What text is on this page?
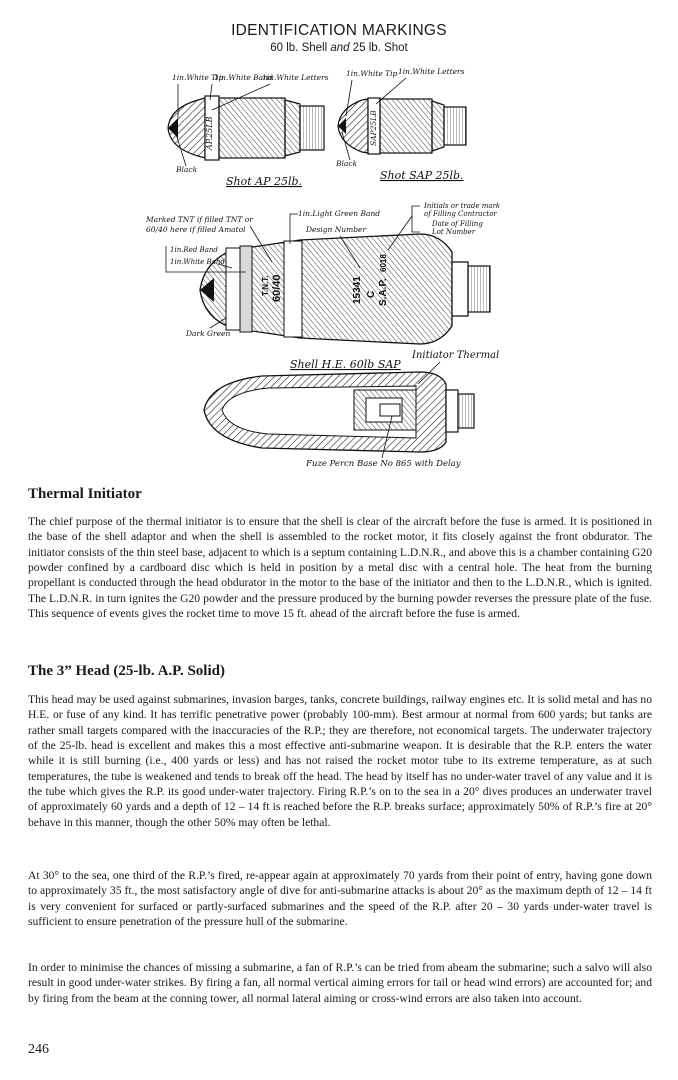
IDENTIFICATION MARKINGS
60 lb. Shell and 25 lb. Shot
AP.25LB
1in.White Tip
1in.White Band
1in.White Letters
Black
Shot AP 25lb.
SAP25LB
1in.White Tip 1in.White Letters
Black
Shot SAP 25lb.
T.N.T. 60/40	15341 C S.A.P.
6018
Marked TNT if filled TNT or
60/40 here if filled Amatol
1in.Light Green Band
Design Number
Initials or trade mark
of Filling Contractor
Date of Filling
Lot Number
1in.Red Band
1in.White Band
Dark Green
Shell H.E. 60lb SAP
Initiator Thermal
Fuze Percn Base No 865 with Delay
Thermal Initiator

The chief purpose of the thermal initiator is to ensure that the shell is clear of the aircraft before the fuse is armed. It is positioned in the base of the shell adaptor and when the shell is assembled to the rocket motor, it fits closely against the front obdurator. The initiator consists of the thin steel base, adjacent to which is a septum containing L.D.N.R., and above this is a chamber containing G20 powder confined by a cardboard disc which is held in position by a metal disc with a central hole. The heat from the burning propellant is conducted through the head obdurator in the motor to the base of the initiator and then to the L.D.N.R., which is ignited. The L.D.N.R. in turn ignites the G20 powder and the pressure produced by the burning powder reverses the pressure plate of the fuse. This sequence of events gives the rocket time to move 15 ft. ahead of the aircraft before the fuse is armed.

The 3” Head (25-lb. A.P. Solid)

This head may be used against submarines, invasion barges, tanks, concrete buildings, railway engines etc. It is solid metal and has no H.E. or fuse of any kind. It has terrific penetrative power (probably 100-mm). Best armour at normal from 600 yards; but tanks are rather small targets compared with the inaccuracies of the R.P.; they are therefore, not economical targets. The underwater trajectory of the 25-lb. head is excellent and makes this a most effective anti-submarine weapon. It is desirable that the R.P. enters the water while it is still burning (i.e., 400 yards or less) and has not raised the rocket motor tube to its extreme temperature, as at such temperatures, the tube is weakened and tends to break off the head. The head by itself has no under-water travel of any value and it is the tube which gives the R.P. its good under-water trajectory. Firing R.P.’s on to the sea in a 20° dives produces an underwater travel of approximately 60 yards and a depth of 12 – 14 ft is reached before the R.P. breaks surface; approximately 50% of R.P.’s fire at 20° behave in this manner, though the other 50% may often be lethal.

At 30° to the sea, one third of the R.P.’s fired, re-appear again at approximately 70 yards from their point of entry, having gone down to approximately 35 ft., the most satisfactory angle of dive for anti-submarine attacks is about 20° as the maximum depth of 12 – 14 ft is very convenient for surfaced or partly-surfaced submarines and the speed of the R.P. after 20 – 30 yards under-water travel is sufficient to ensure penetration of the pressure hull of the submarine.

In order to minimise the chances of missing a submarine, a fan of R.P.’s can be tried from abeam the submarine; such a salvo will also result in good under-water strikes. By firing a fan, all normal vertical aiming errors for tail or head wind errors) are accounted for; and by firing from the beam at the conning tower, all normal lateral aiming or cross-wind errors are also taken into account.

246
